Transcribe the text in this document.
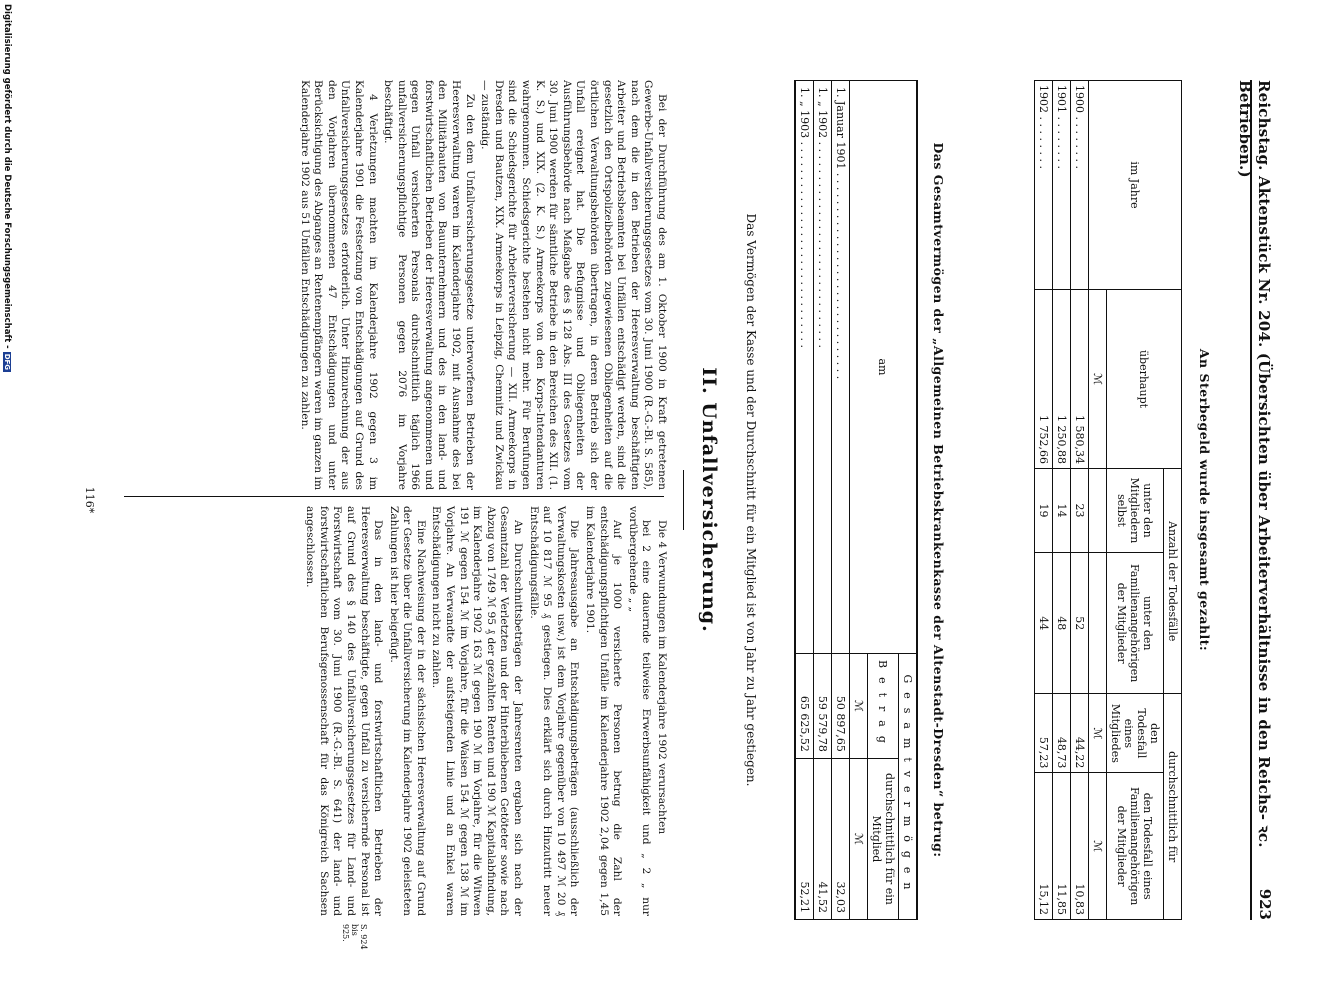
Reichstag. Aktenstück Nr. 204. (Übersichten über Arbeiterverhältnisse in den Reichs- ꝛc. Betrieben.)
923
An Sterbegeld wurde insgesamt gezahlt:
im Jahre	überhaupt	Anzahl der Todesfälle		durchschnittlich für	
		unter den Mitgliedern selbst	unter den Familienangehörigen der Mitglieder	den Todesfall eines Mitgliedes	den Todesfall eines Familienangehörigen der Mitglieder
	ℳ			ℳ	ℳ
1900 . . . . . . . .	1 580,34	23	52	44,22	10,83
1901 . . . . . . . .	1 250,88	14	48	48,73	11,85
1902 . . . . . . . .	1 752,66	19	44	57,23	15,12
Das Gesamtvermögen der „Allgemeinen Betriebskrankenkasse der Altenstadt-Dresden“ betrug:
am	Gesamtvermögen	
	Betrag	durchschnittlich für ein Mitglied
	ℳ	ℳ
1. Januar 1901 . . . . . . . . . . . . . . . . . . . . . . . . . . . . . .	50 897,65	32,03
1. „ 1902 . . . . . . . . . . . . . . . . . . . . . . . . . . . . . .	59 579,78	41,52
1. „ 1903 . . . . . . . . . . . . . . . . . . . . . . . . . . . . . .	65 625,52	52,21
Das Vermögen der Kasse und der Durchschnitt für ein Mitglied ist von Jahr zu Jahr gestiegen.
II. Unfallversicherung.

Bei der Durchführung des am 1. Oktober 1900 in Kraft getretenen Gewerbe-Unfallversicherungsgesetzes vom 30. Juni 1900 (R.-G.-Bl. S. 585), nach dem die in den Betrieben der Heeresverwaltung beschäftigten Arbeiter und Betriebsbeamten bei Unfällen entschädigt werden, sind die gesetzlich den Ortspolizeibehörden zugewiesenen Obliegenheiten auf die örtlichen Verwaltungsbehörden übertragen, in deren Betrieb sich der Unfall ereignet hat. Die Befugnisse und Obliegenheiten der Ausführungsbehörde nach Maßgabe des § 128 Abs. III des Gesetzes vom 30. Juni 1900 werden für sämtliche Betriebe in den Bereichen des XII. (1. K. S.) und XIX. (2. K. S.) Armeekorps von den Korps-Intendanturen wahrgenommen. Schiedsgerichte bestehen nicht mehr. Für Berufungen sind die Schiedsgerichte für Arbeiterversicherung — XII. Armeekorps in Dresden und Bautzen, XIX. Armeekorps in Leipzig, Chemnitz und Zwickau — zuständig.

Zu den dem Unfallversicherungsgesetze unterworfenen Betrieben der Heeresverwaltung waren im Kalenderjahre 1902, mit Ausnahme des bei den Militärbauten von Bauunternehmern und des in den land- und forstwirtschaftlichen Betrieben der Heeresverwaltung angenommenen und gegen Unfall versicherten Personals durchschnittlich täglich 1966 unfallversicherungspflichtige Personen gegen 2076 im Vorjahre beschäftigt.

4 Verletzungen machten im Kalenderjahre 1902 gegen 3 im Kalenderjahre 1901 die Festsetzung von Entschädigungen auf Grund des Unfallversicherungsgesetzes erforderlich. Unter Hinzurechnung der aus den Vorjahren übernommenen 47 Entschädigungen und unter Berücksichtigung des Abganges an Rentenempfängern waren im ganzen im Kalenderjahre 1902 aus 51 Unfällen Entschädigungen zu zahlen.

Die 4 Verwundungen im Kalenderjahre 1902 verursachten

bei 2 eine dauernde teilweise Erwerbsunfähigkeit und „ 2 „ nur vorübergehende „ „

Auf je 1000 versicherte Personen betrug die Zahl der entschädigungspflichtigen Unfälle im Kalenderjahre 1902 2,04 gegen 1,45 im Kalenderjahre 1901.

Die Jahresausgabe an Entschädigungsbeträgen (ausschließlich der Verwaltungskosten usw.) ist dem Vorjahre gegenüber von 10 497 ℳ 20 ₰ auf 10 817 ℳ 95 ₰ gestiegen. Dies erklärt sich durch Hinzutritt neuer Entschädigungsfälle.

An Durchschnittsbeträgen der Jahresrenten ergaben sich nach der Gesamtzahl der Verletzten und der Hinterbliebenen Getöteter sowie nach Abzug von 1749 ℳ 95 ₰ der gezahlten Renten und 190 ℳ Kapitalabfindung, im Kalenderjahre 1902 163 ℳ gegen 190 ℳ im Vorjahre, für die Witwen 191 ℳ gegen 154 ℳ im Vorjahre, für die Waisen 154 ℳ gegen 138 ℳ im Vorjahre. An Verwandte der aufsteigenden Linie und an Enkel waren Entschädigungen nicht zu zahlen.

Eine Nachweisung der in der sächsischen Heeresverwaltung auf Grund der Gesetze über die Unfallversicherung im Kalenderjahre 1902 geleisteten Zahlungen ist hier beigefügt.

Das in den land- und forstwirtschaftlichen Betrieben der Heeresverwaltung beschäftigte, gegen Unfall zu versichernde Personal ist auf Grund des § 140 des Unfallversicherungsgesetzes für Land- und Forstwirtschaft vom 30. Juni 1900 (R.-G.-Bl. S. 641) der land- und forstwirtschaftlichen Berufsgenossenschaft für das Königreich Sachsen angeschlossen.

S. 924 bis 925.
116*
Digitalisierung gefördert durch die Deutsche Forschungsgemeinschaft -
DFG
